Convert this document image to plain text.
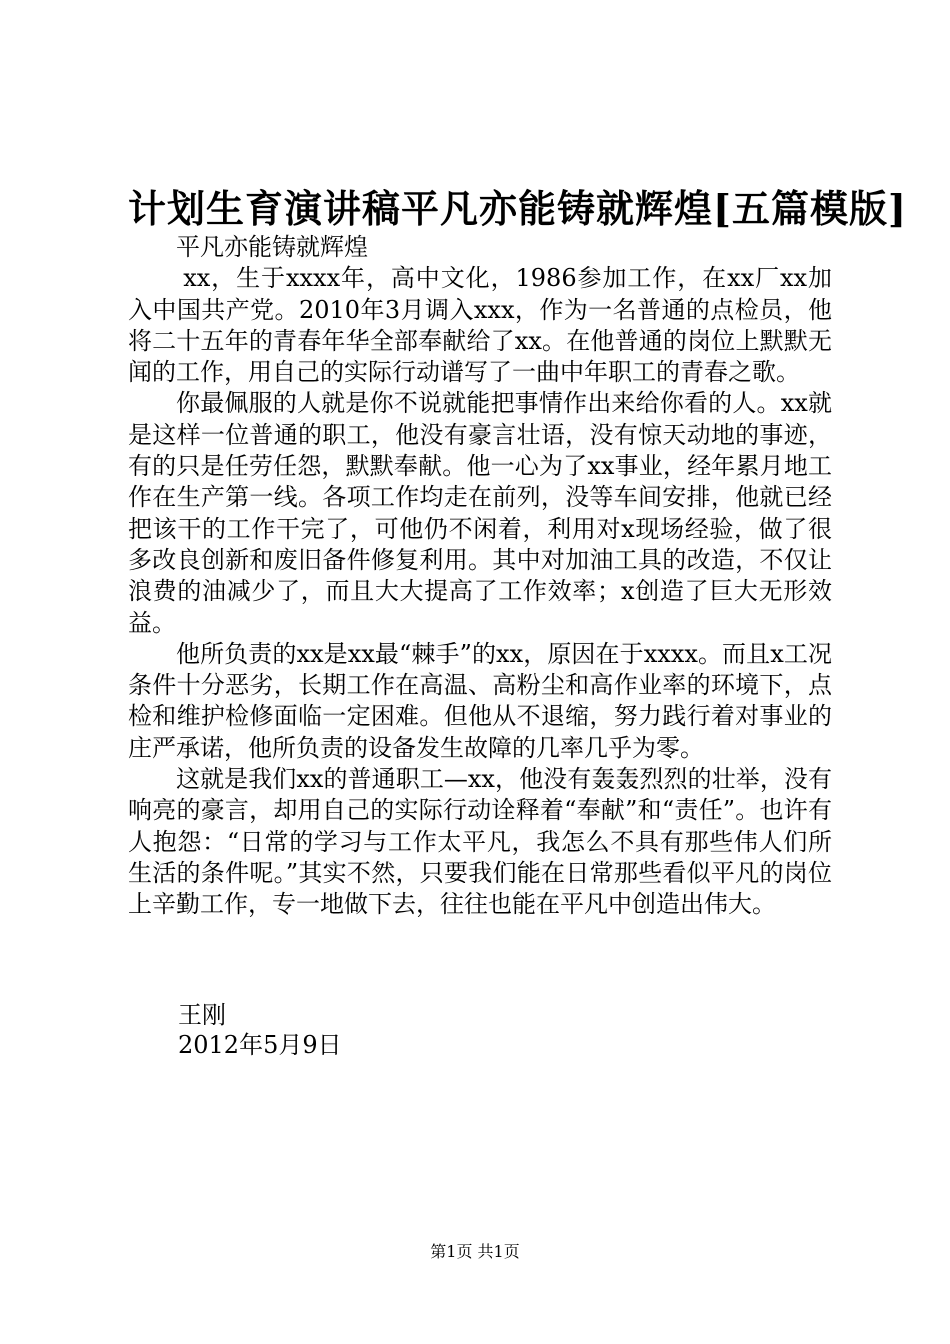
计划生育演讲稿平凡亦能铸就辉煌[五篇模版]

平凡亦能铸就辉煌

xx，生于xxxx年，高中文化，1986参加工作，在xx厂xx加入中国共产党。2010年3月调入xxx，作为一名普通的点检员，他将二十五年的青春年华全部奉献给了xx。在他普通的岗位上默默无闻的工作，用自己的实际行动谱写了一曲中年职工的青春之歌。

你最佩服的人就是你不说就能把事情作出来给你看的人。xx就是这样一位普通的职工，他没有豪言壮语，没有惊天动地的事迹，有的只是任劳任怨，默默奉献。他一心为了xx事业，经年累月地工作在生产第一线。各项工作均走在前列，没等车间安排，他就已经把该干的工作干完了，可他仍不闲着，利用对x现场经验，做了很多改良创新和废旧备件修复利用。其中对加油工具的改造，不仅让浪费的油减少了，而且大大提高了工作效率；x创造了巨大无形效益。

他所负责的xx是xx最“棘手”的xx，原因在于xxxx。而且x工况条件十分恶劣，长期工作在高温、高粉尘和高作业率的环境下，点检和维护检修面临一定困难。但他从不退缩，努力践行着对事业的庄严承诺，他所负责的设备发生故障的几率几乎为零。

这就是我们xx的普通职工—xx，他没有轰轰烈烈的壮举，没有响亮的豪言，却用自己的实际行动诠释着“奉献”和“责任”。也许有人抱怨：“日常的学习与工作太平凡，我怎么不具有那些伟人们所生活的条件呢。”其实不然，只要我们能在日常那些看似平凡的岗位上辛勤工作，专一地做下去，往往也能在平凡中创造出伟大。

王刚
2012年5月9日
第1页 共1页
